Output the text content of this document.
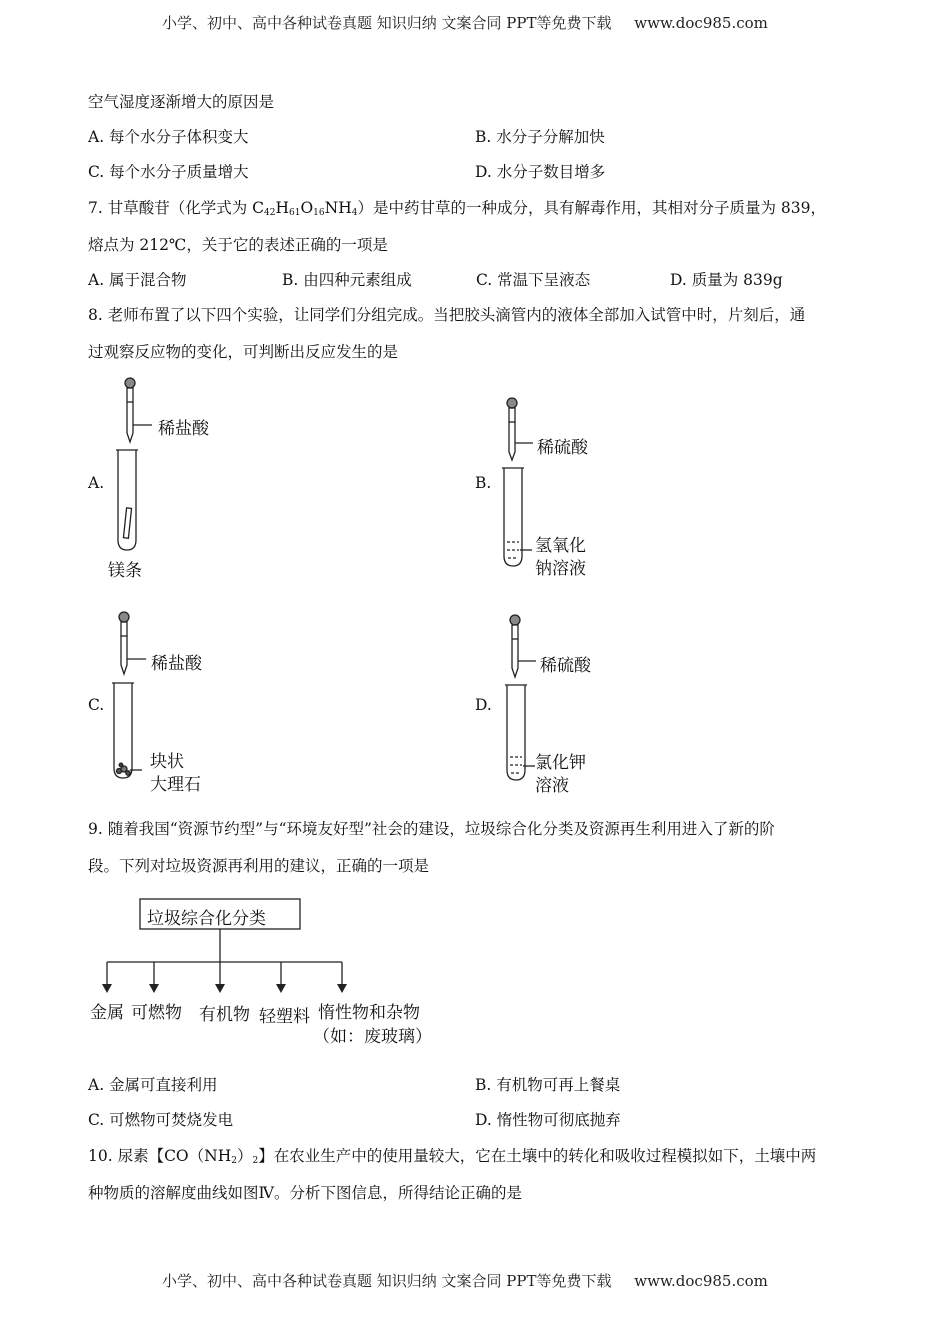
小学、初中、高中各种试卷真题 知识归纳 文案合同 PPT等免费下载 www.doc985.com
空气湿度逐渐增大的原因是
A. 每个水分子体积变大	B. 水分子分解加快
C. 每个水分子质量增大	D. 水分子数目增多
7. 甘草酸苷（化学式为 $C_{42}H_{61}O_{16}NH_4$）是中药甘草的一种成分，具有解毒作用，其相对分子质量为 839，
熔点为 212℃，关于它的表述正确的一项是
A. 属于混合物	B. 由四种元素组成	C. 常温下呈液态	D. 质量为 839g
8. 老师布置了以下四个实验，让同学们分组完成。当把胶头滴管内的液体全部加入试管中时，片刻后，通
过观察反应物的变化，可判断出反应发生的是
A.	B.
C.	D.
稀盐酸
镁条
稀硫酸
氢氧化
钠溶液
稀盐酸
块状
大理石
稀硫酸
氯化钾
溶液
9. 随着我国“资源节约型”与“环境友好型”社会的建设，垃圾综合化分类及资源再生利用进入了新的阶
段。下列对垃圾资源再利用的建议，正确的一项是
垃圾综合化分类
金属 可燃物 有机物 轻塑料 惰性物和杂物
（如：废玻璃）
A. 金属可直接利用	B. 有机物可再上餐桌
C. 可燃物可焚烧发电	D. 惰性物可彻底抛弃
10. 尿素【$CO(NH_2)_2$】在农业生产中的使用量较大，它在土壤中的转化和吸收过程模拟如下，土壤中两
种物质的溶解度曲线如图Ⅳ。分析下图信息，所得结论正确的是
小学、初中、高中各种试卷真题 知识归纳 文案合同 PPT等免费下载 www.doc985.com
